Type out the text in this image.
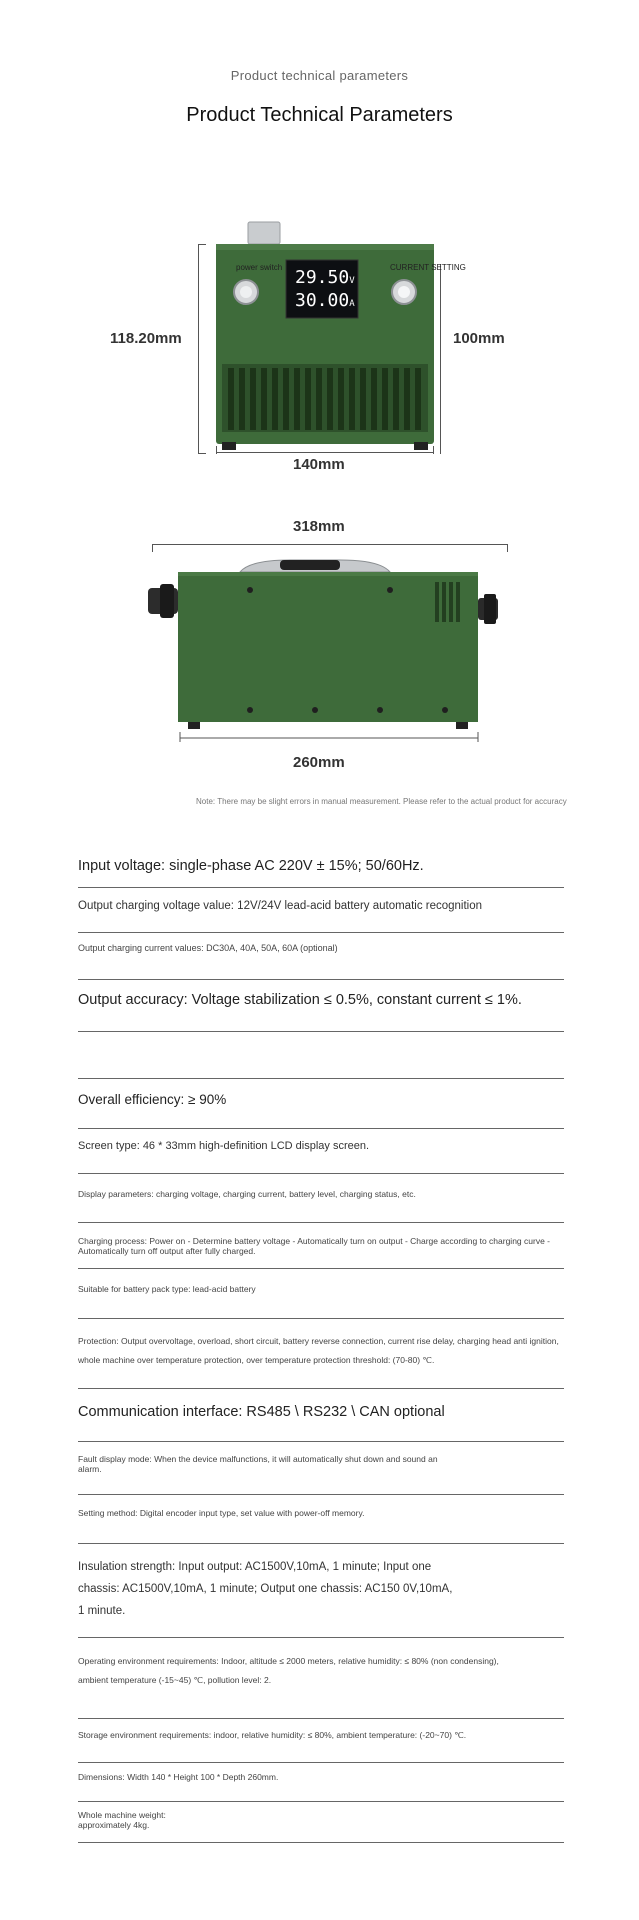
Product technical parameters
Product Technical Parameters
118.20mm	100mm
power switch	CURRENT SETTING
29.50V
30.00A
140mm
318mm
260mm
Note: There may be slight errors in manual measurement. Please refer to the actual product for accuracy
Input voltage: single-phase AC 220V ± 15%; 50/60Hz.
Output charging voltage value: 12V/24V lead-acid battery automatic recognition
Output charging current values: DC30A, 40A, 50A, 60A (optional)
Output accuracy: Voltage stabilization ≤ 0.5%, constant current ≤ 1%.
Overall efficiency: ≥ 90%
Screen type: 46 * 33mm high-definition LCD display screen.
Display parameters: charging voltage, charging current, battery level, charging status, etc.
Charging process: Power on - Determine battery voltage - Automatically turn on output - Charge according to charging curve - Automatically turn off output after fully charged.
Suitable for battery pack type: lead-acid battery
Protection: Output overvoltage, overload, short circuit, battery reverse connection, current rise delay, charging head anti ignition, whole machine over temperature protection, over temperature protection threshold: (70-80) ℃.
Communication interface: RS485 \ RS232 \ CAN optional
Fault display mode: When the device malfunctions, it will automatically shut down and sound an alarm.
Setting method: Digital encoder input type, set value with power-off memory.
Insulation strength: Input output: AC1500V,10mA, 1 minute; Input one chassis: AC1500V,10mA, 1 minute; Output one chassis: AC150 0V,10mA, 1 minute.
Operating environment requirements: Indoor, altitude ≤ 2000 meters, relative humidity: ≤ 80% (non condensing), ambient temperature (-15~45) ℃, pollution level: 2.
Storage environment requirements: indoor, relative humidity: ≤ 80%, ambient temperature: (-20~70) ℃.
Dimensions: Width 140 * Height 100 * Depth 260mm.
Whole machine weight: approximately 4kg.
